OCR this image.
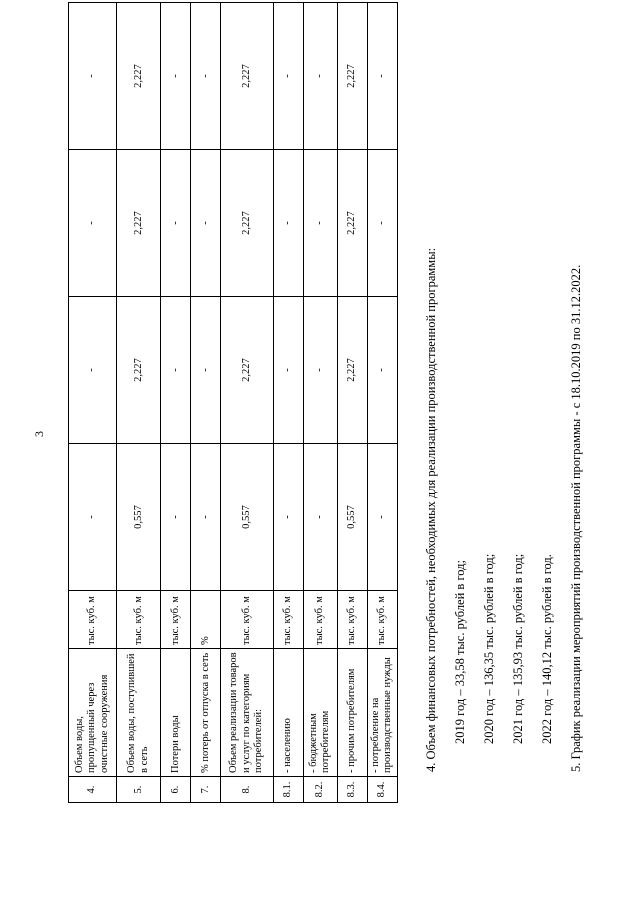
3
4.	Объем воды, пропущенный через очистные сооружения	тыс. куб. м	-	-	-	-
5.	Объем воды, поступившей в сеть	тыс. куб. м	0,557	2,227	2,227	2,227
6.	Потери воды	тыс. куб. м	-	-	-	-
7.	% потерь от отпуска в сеть	%	-	-	-	-
8.	Объем реализации товаров и услуг по категориям потребителей:	тыс. куб. м	0,557	2,227	2,227	2,227
8.1.	- населению	тыс. куб. м	-	-	-	-
8.2.	- бюджетным потребителям	тыс. куб. м	-	-	-	-
8.3.	- прочим потребителям	тыс. куб. м	0,557	2,227	2,227	2,227
8.4.	- потребление на производственные нужды	тыс. куб. м	-	-	-	-

4. Объем финансовых потребностей, необходимых для реализации производственной программы:	2019 год – 33,58 тыс. рублей в год;	2020 год – 136,35 тыс. рублей в год;	2021 год – 135,93 тыс. рублей в год;	2022 год – 140,12 тыс. рублей в год.	5. График реализации мероприятий производственной программы - с 18.10.2019 по 31.12.2022.
